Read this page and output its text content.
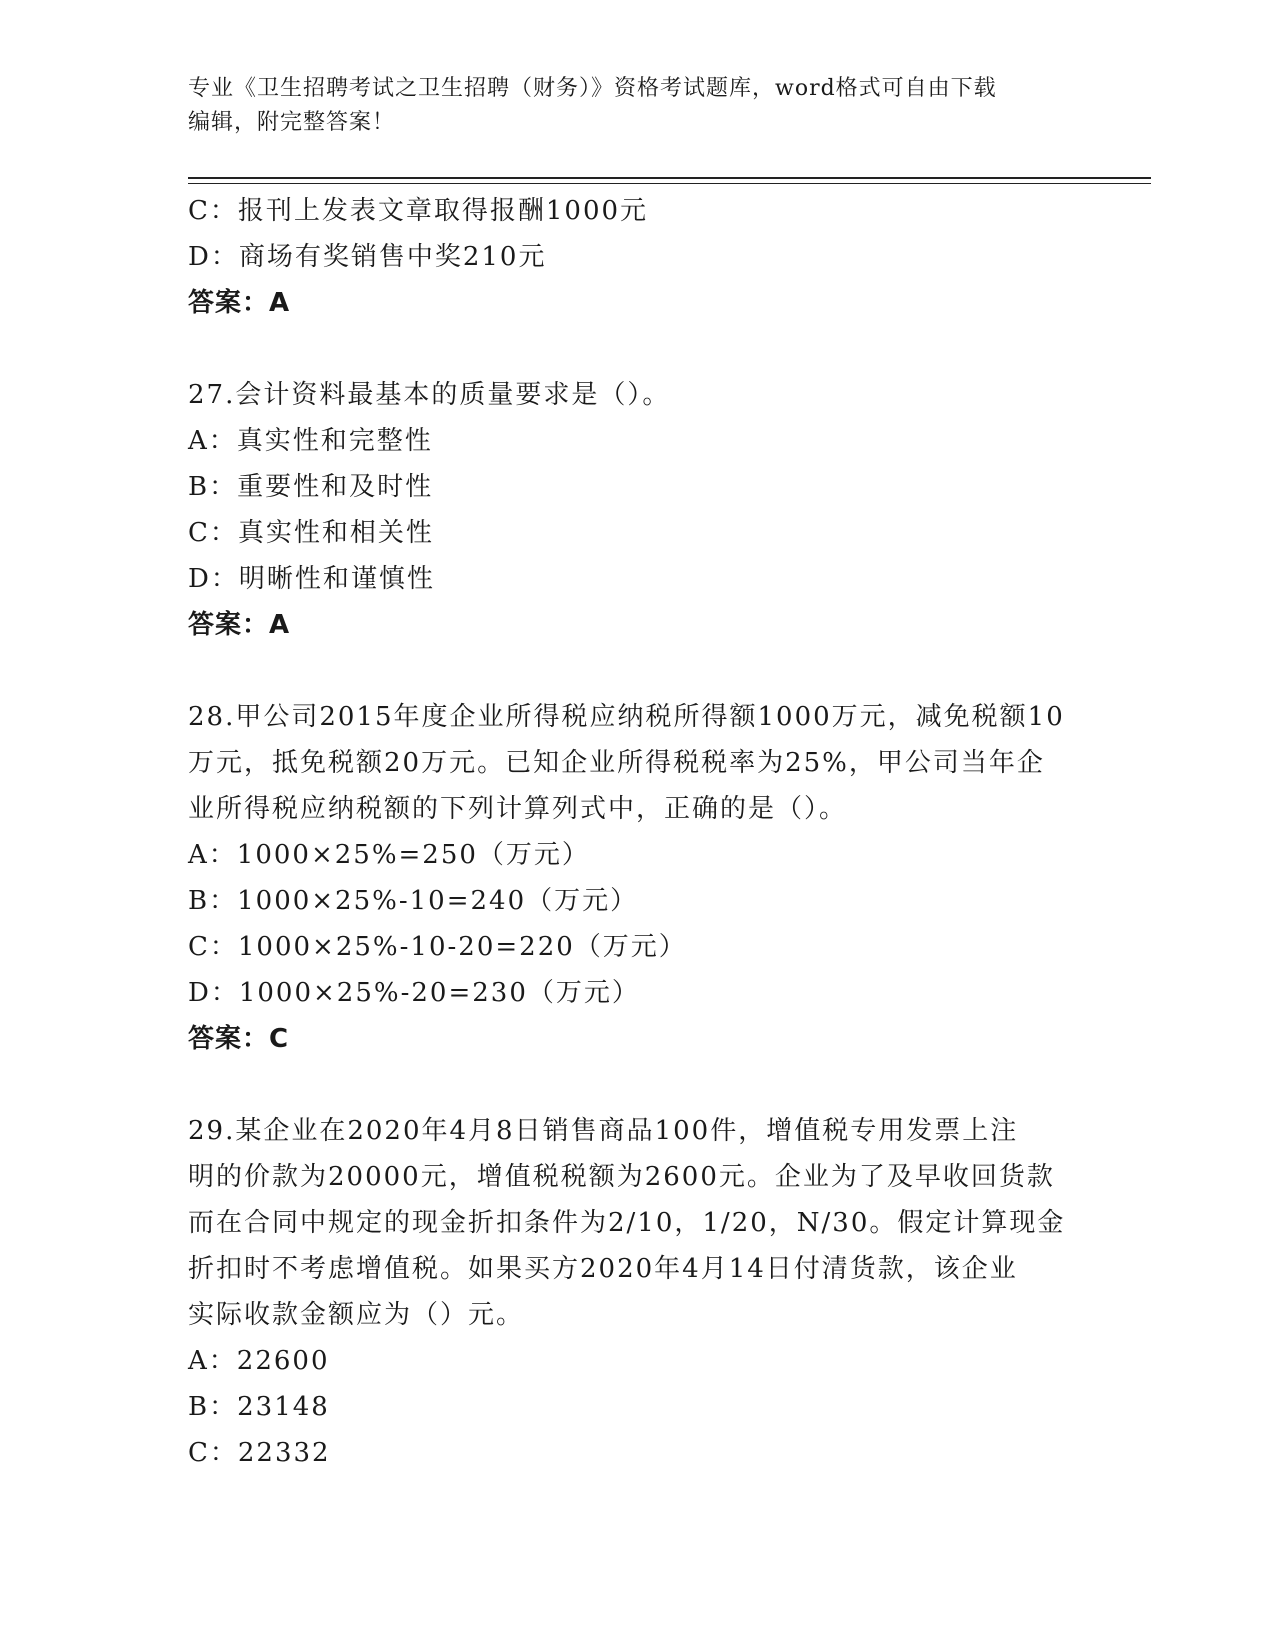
专业《卫生招聘考试之卫生招聘（财务）》资格考试题库，word格式可自由下载
编辑，附完整答案！
C：报刊上发表文章取得报酬1000元
D：商场有奖销售中奖210元
答案：A
27.会计资料最基本的质量要求是（）。
A：真实性和完整性
B：重要性和及时性
C：真实性和相关性
D：明晰性和谨慎性
答案：A
28.甲公司2015年度企业所得税应纳税所得额1000万元，减免税额10
万元，抵免税额20万元。已知企业所得税税率为25%，甲公司当年企
业所得税应纳税额的下列计算列式中，正确的是（）。
A：1000×25%=250（万元）
B：1000×25%-10=240（万元）
C：1000×25%-10-20=220（万元）
D：1000×25%-20=230（万元）
答案：C
29.某企业在2020年4月8日销售商品100件，增值税专用发票上注
明的价款为20000元，增值税税额为2600元。企业为了及早收回货款
而在合同中规定的现金折扣条件为2/10，1/20，N/30。假定计算现金
折扣时不考虑增值税。如果买方2020年4月14日付清货款，该企业
实际收款金额应为（）元。
A：22600
B：23148
C：22332
